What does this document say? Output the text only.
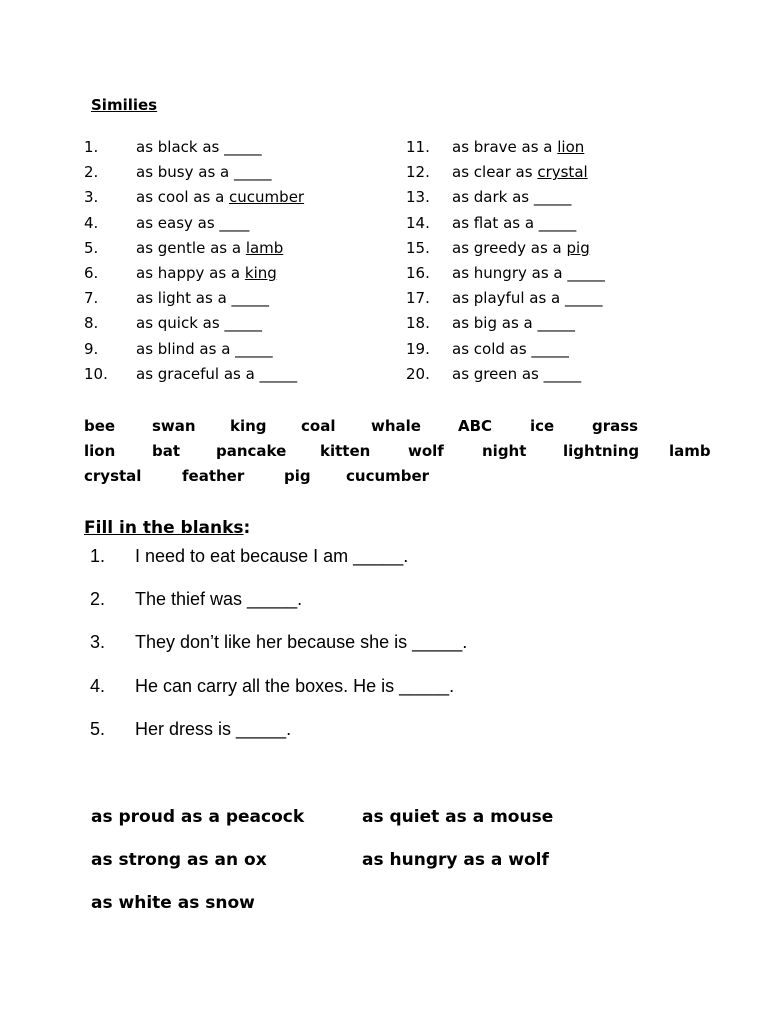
Similies
1.	as black as _____
2.	as busy as a _____
3.	as cool as a cucumber
4.	as easy as ____
5.	as gentle as a lamb
6.	as happy as a king
7.	as light as a _____
8.	as quick as _____
9.	as blind as a _____
10.	as graceful as a _____
11.	as brave as a lion
12.	as clear as crystal
13.	as dark as _____
14.	as flat as a _____
15.	as greedy as a pig
16.	as hungry as a _____
17.	as playful as a _____
18.	as big as a _____
19.	as cold as _____
20.	as green as _____
bee swan king coal whale ABC	ice	grass
lion bat pancake kitten	wolf	night lightning lamb
crystal	feather	pig cucumber
Fill in the blanks:
1. I need to eat because I am _____.
2. The thief was _____.
3. They don’t like her because she is _____.
4. He can carry all the boxes. He is _____.
5. Her dress is _____.
as proud as a peacock	as quiet as a mouse
as strong as an ox	as hungry as a wolf
as white as snow
